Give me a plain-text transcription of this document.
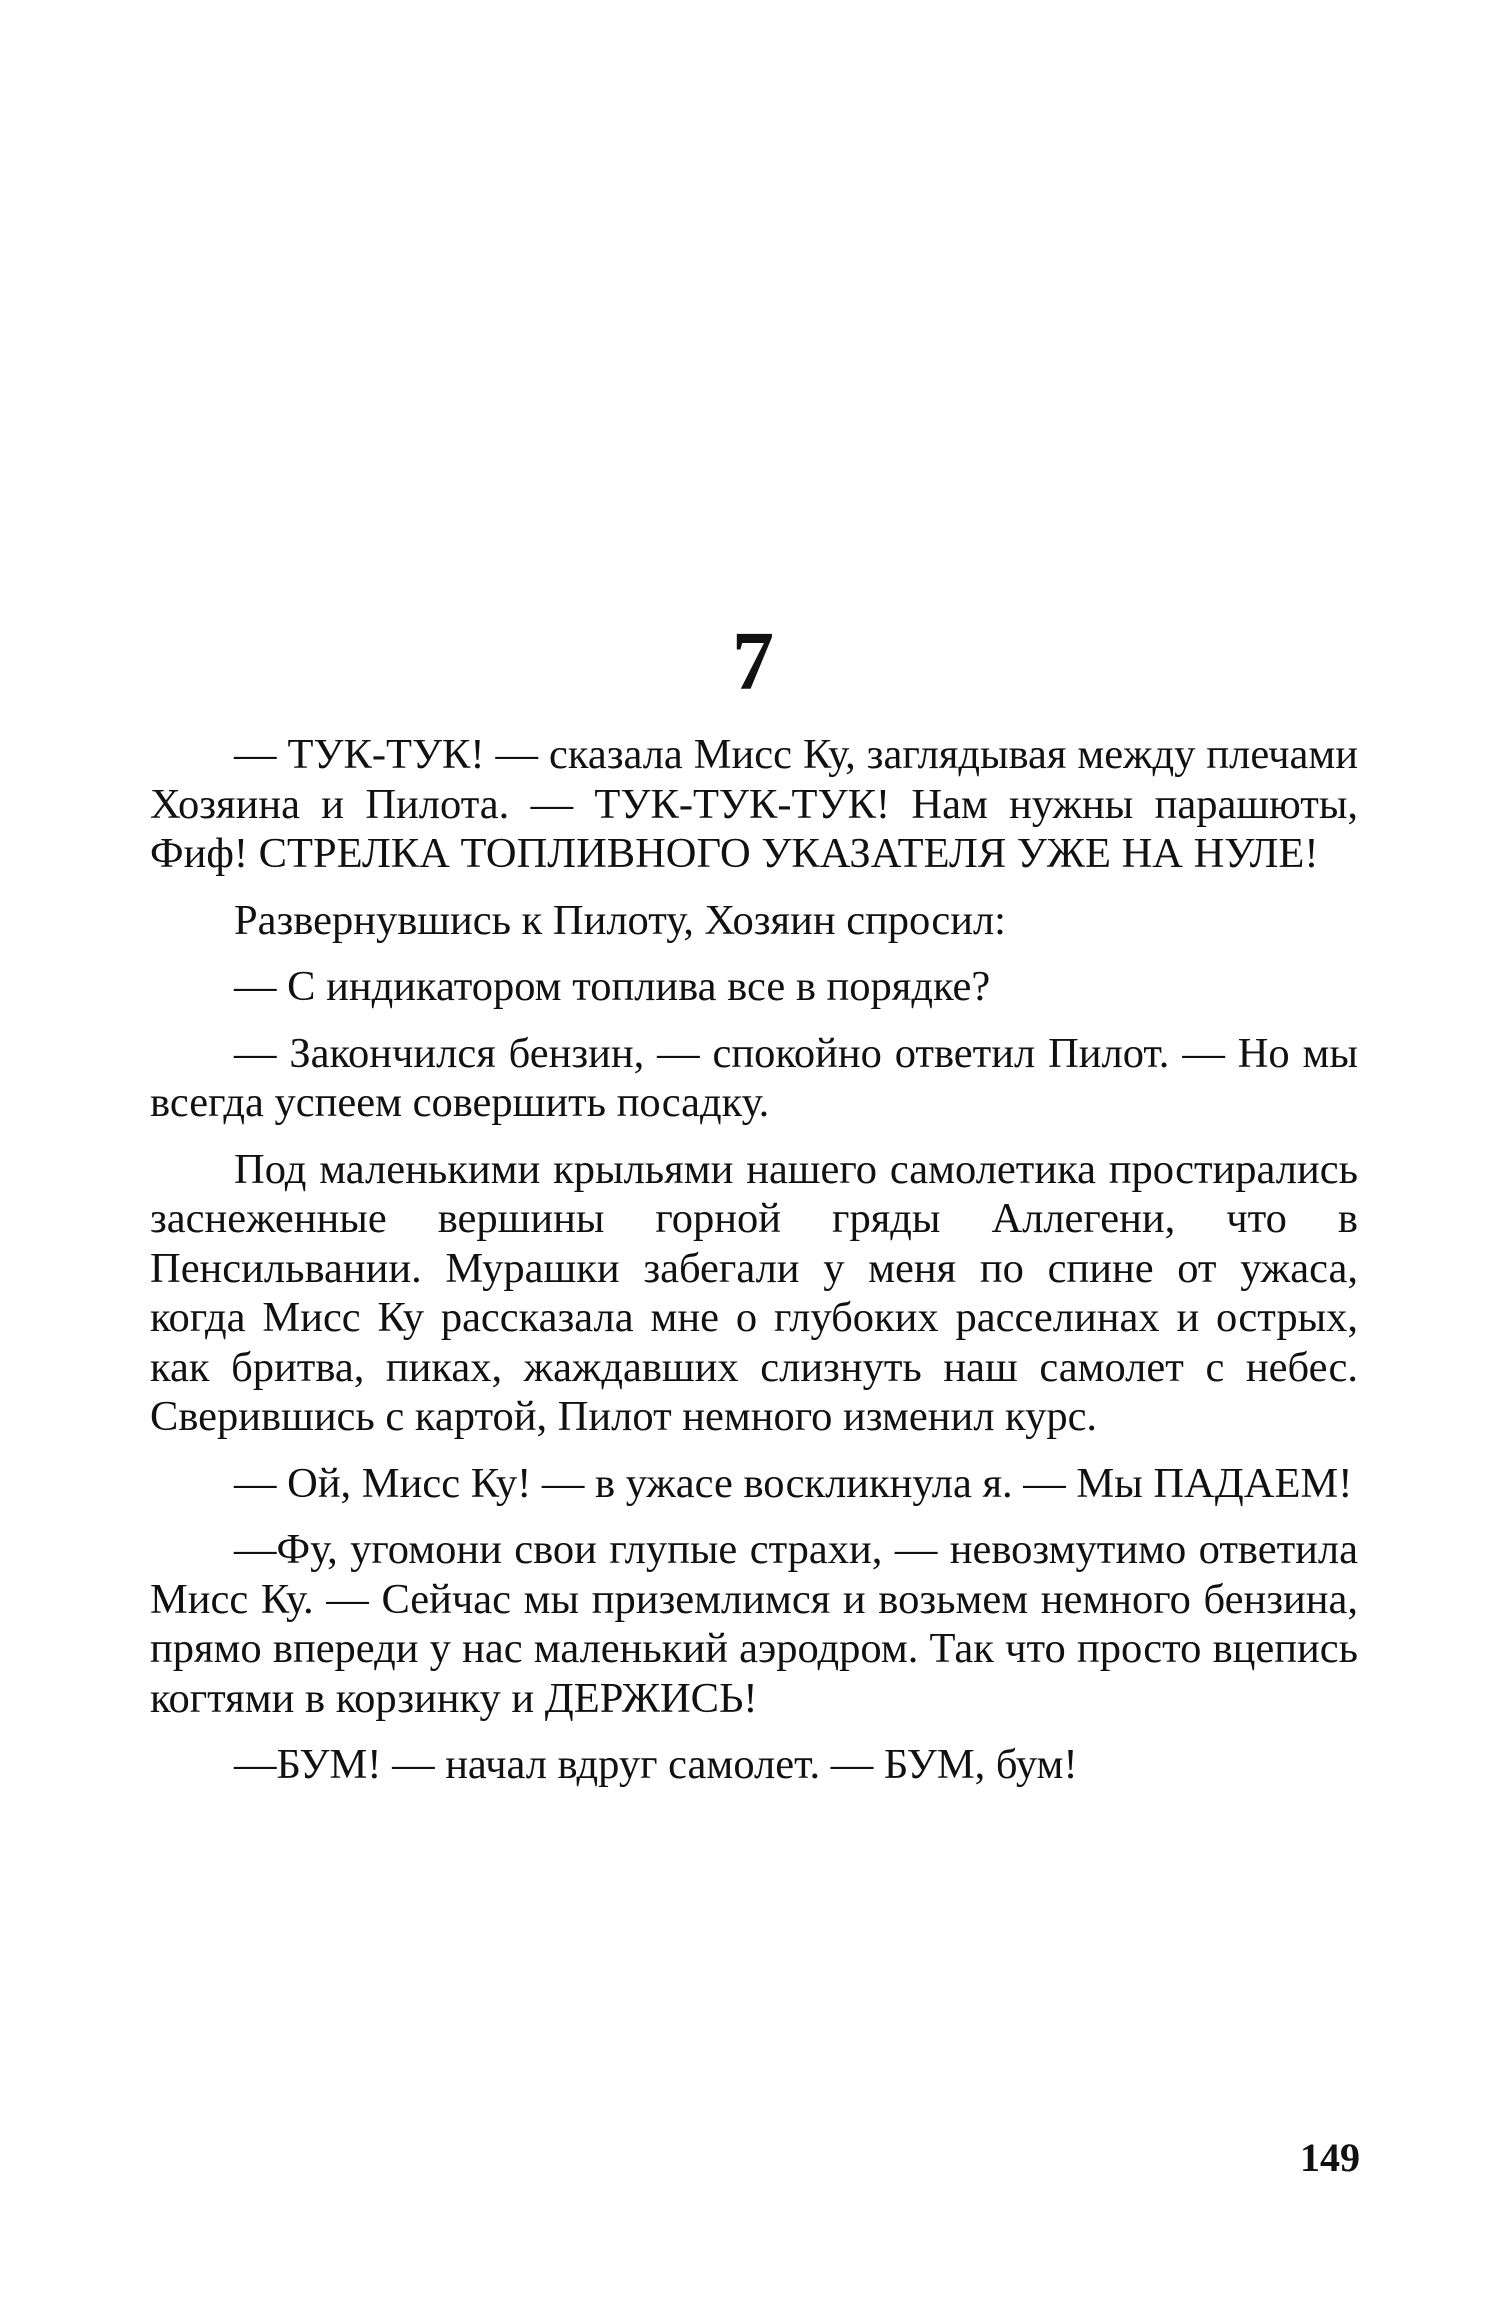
7

— ТУК-ТУК! — сказала Мисс Ку, заглядывая между плечами Хозяина и Пилота. — ТУК-ТУК-ТУК! Нам нужны парашюты, Фиф! СТРЕЛКА ТОПЛИВНОГО УКАЗАТЕЛЯ УЖЕ НА НУЛЕ!

Развернувшись к Пилоту, Хозяин спросил:

— С индикатором топлива все в порядке?

— Закончился бензин, — спокойно ответил Пилот. — Но мы всегда успеем совершить посадку.

Под маленькими крыльями нашего самолетика простирались заснеженные вершины горной гряды Аллегени, что в Пенсильвании. Мурашки забегали у меня по спине от ужаса, когда Мисс Ку рассказала мне о глубоких расселинах и острых, как бритва, пиках, жаждавших слизнуть наш самолет с небес. Сверившись с картой, Пилот немного изменил курс.

— Ой, Мисс Ку! — в ужасе воскликнула я. — Мы ПАДАЕМ!

—Фу, угомони свои глупые страхи, — невозмутимо ответила Мисс Ку. — Сейчас мы приземлимся и возьмем немного бензина, прямо впереди у нас маленький аэродром. Так что просто вцепись когтями в корзинку и ДЕРЖИСЬ!

—БУМ! — начал вдруг самолет. — БУМ, бум!

149
